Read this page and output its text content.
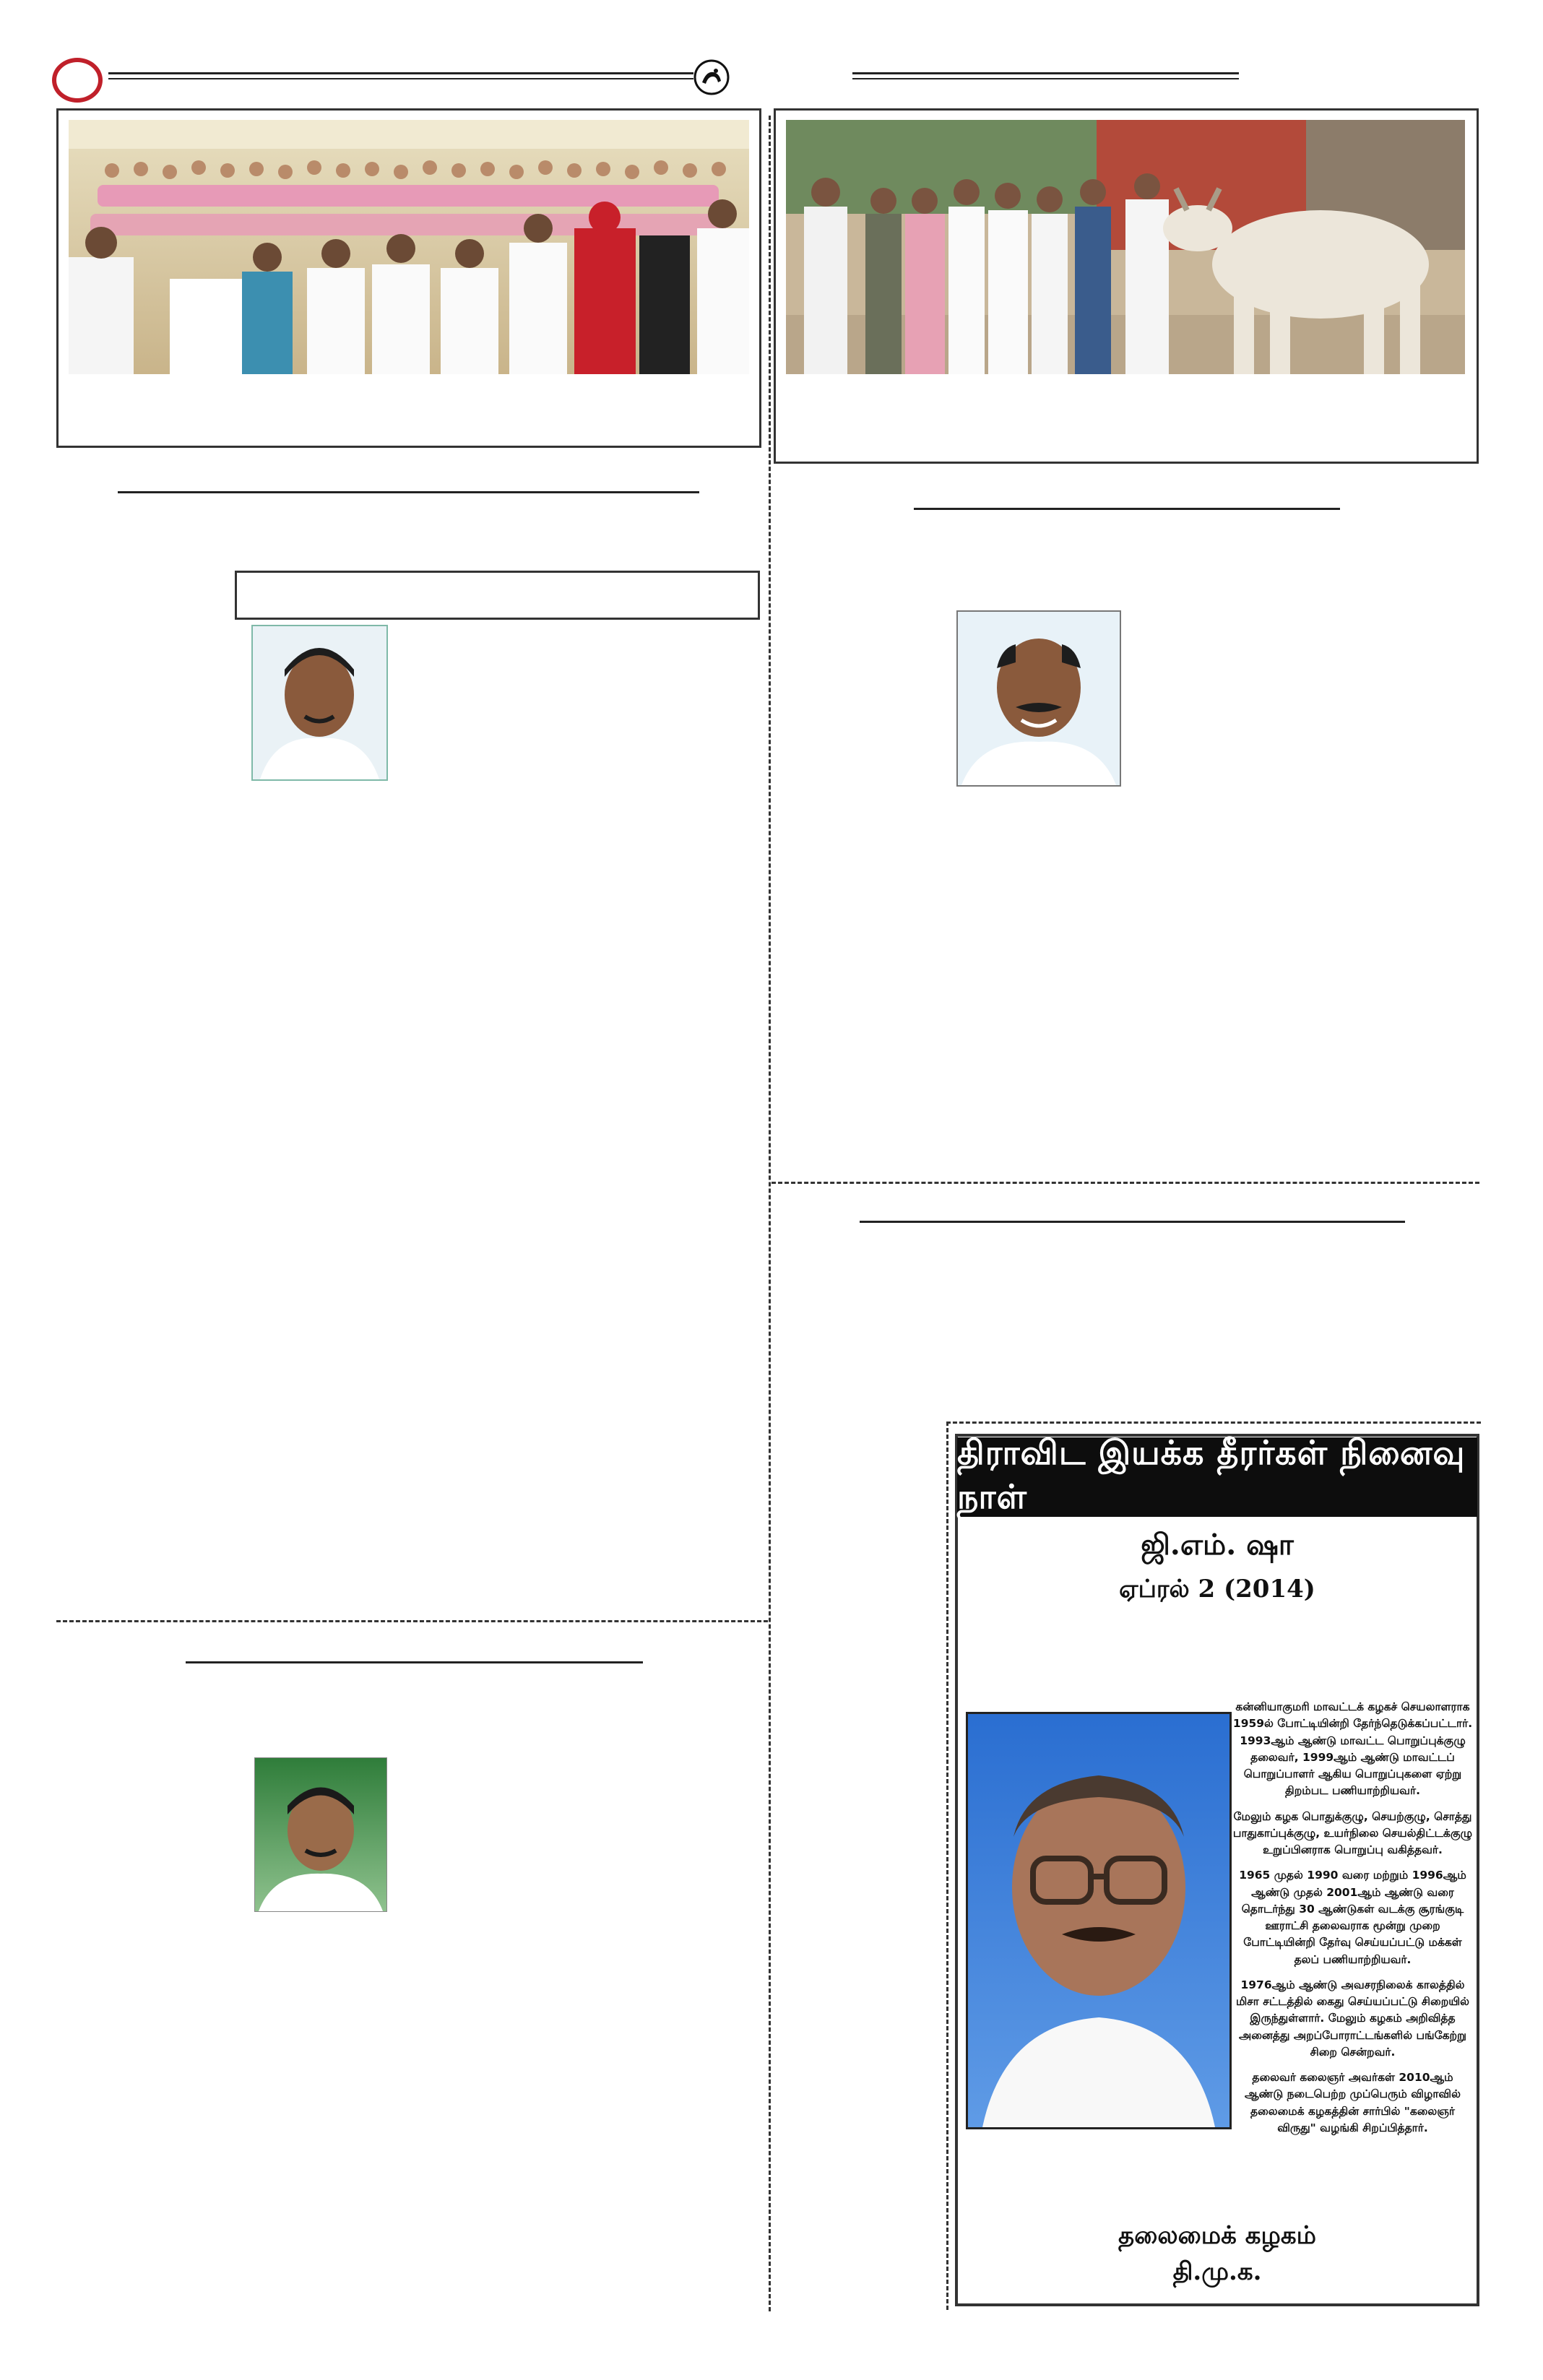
திராவிட இயக்க தீரர்கள் நினைவு நாள்
ஜி.எம். ஷா
ஏப்ரல் 2 (2014)

கன்னியாகுமரி மாவட்டக் கழகச் செயலாளராக 1959ல் போட்டியின்றி தேர்ந்தெடுக்கப்பட்டார். 1993ஆம் ஆண்டு மாவட்ட பொறுப்புக்குழு தலைவர், 1999ஆம் ஆண்டு மாவட்டப் பொறுப்பாளர் ஆகிய பொறுப்புகளை ஏற்று திறம்பட பணியாற்றியவர்.

மேலும் கழக பொதுக்குழு, செயற்குழு, சொத்து பாதுகாப்புக்குழு, உயர்நிலை செயல்திட்டக்குழு உறுப்பினராக பொறுப்பு வகித்தவர்.

1965 முதல் 1990 வரை மற்றும் 1996ஆம் ஆண்டு முதல் 2001ஆம் ஆண்டு வரை தொடர்ந்து 30 ஆண்டுகள் வடக்கு சூரங்குடி ஊராட்சி தலைவராக மூன்று முறை போட்டியின்றி தேர்வு செய்யப்பட்டு மக்கள் தலப் பணியாற்றியவர்.

1976ஆம் ஆண்டு அவசரநிலைக் காலத்தில் மிசா சட்டத்தில் கைது செய்யப்பட்டு சிறையில் இருந்துள்ளார். மேலும் கழகம் அறிவித்த அனைத்து அறப்போராட்டங்களில் பங்கேற்று சிறை சென்றவர்.

தலைவர் கலைஞர் அவர்கள் 2010ஆம் ஆண்டு நடைபெற்ற முப்பெரும் விழாவில் தலைமைக் கழகத்தின் சார்பில் "கலைஞர் விருது" வழங்கி சிறப்பித்தார்.

தலைமைக் கழகம்
தி.மு.க.
